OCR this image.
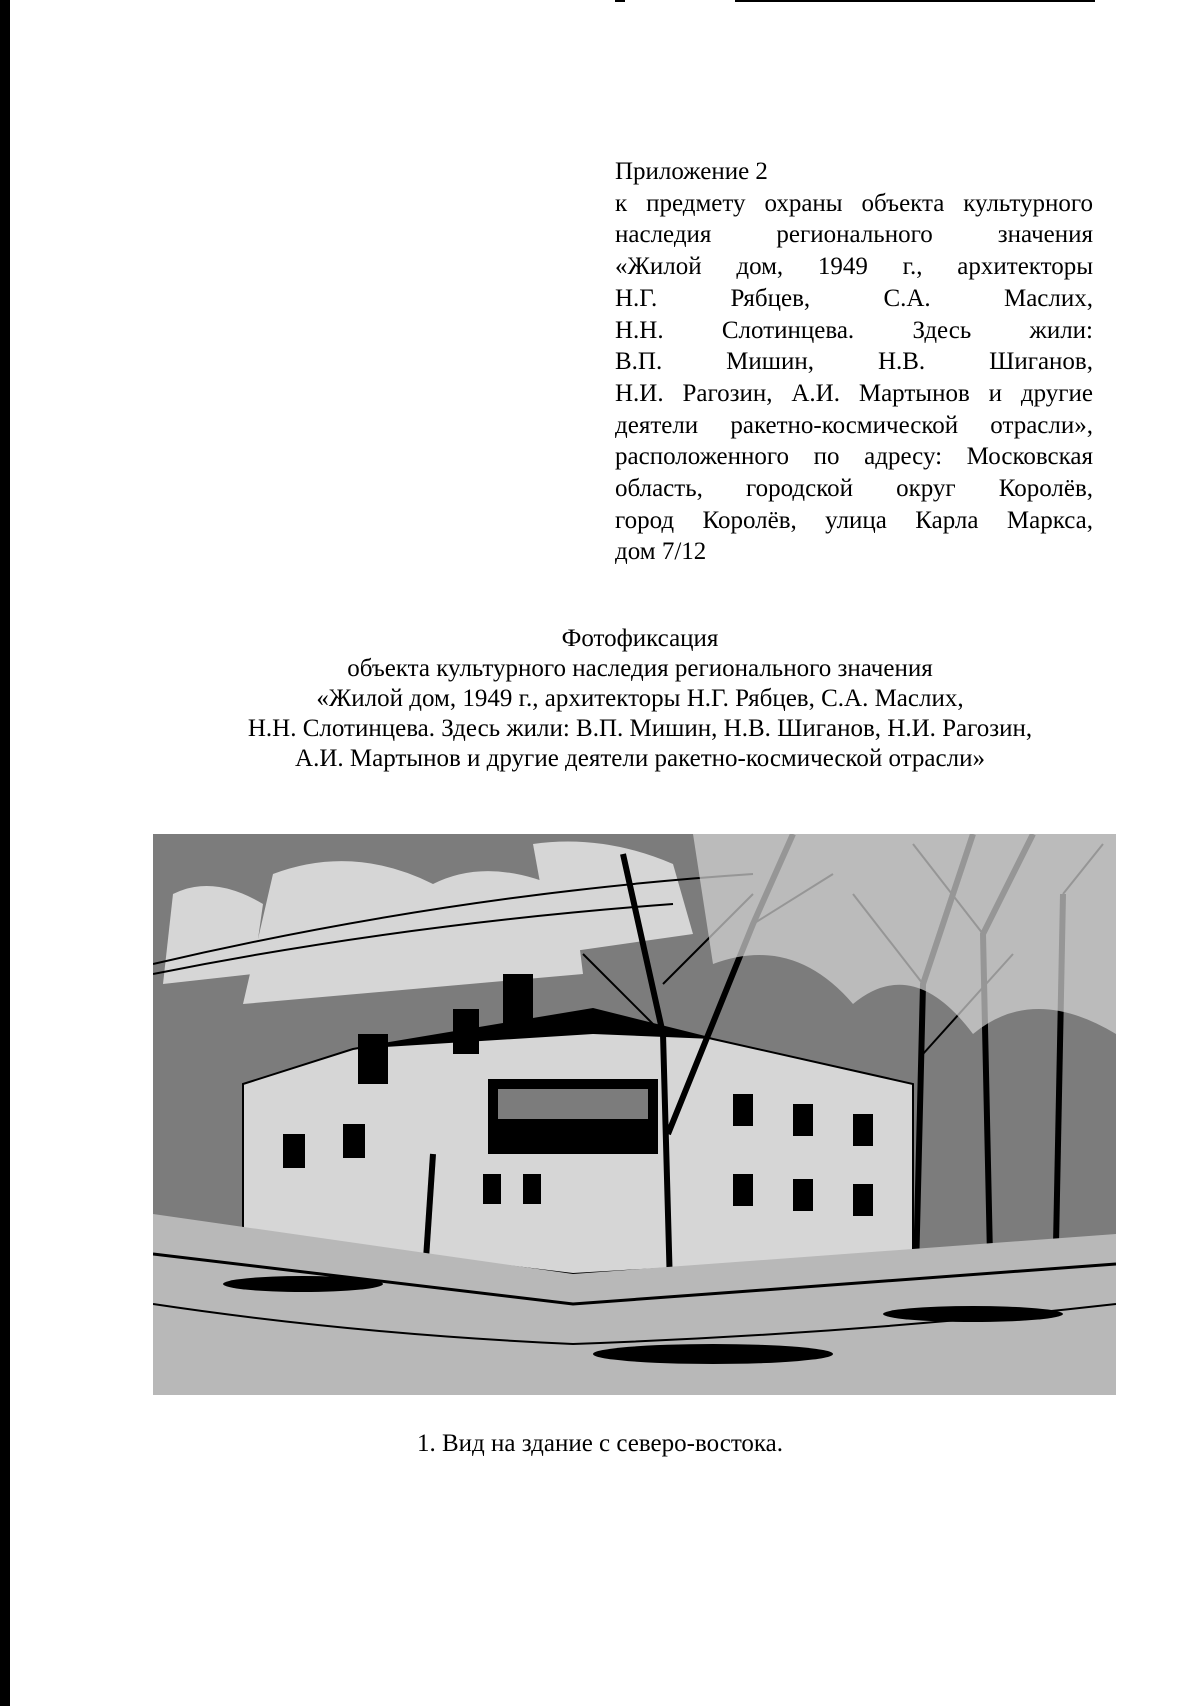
Приложение 2
к предмету охраны объекта культурного
наследия регионального значения
«Жилой дом, 1949 г., архитекторы
Н.Г. Рябцев, С.А. Маслих,
Н.Н. Слотинцева. Здесь жили:
В.П. Мишин, Н.В. Шиганов,
Н.И. Рагозин, А.И. Мартынов и другие
деятели ракетно-космической отрасли»,
расположенного по адресу: Московская
область, городской округ Королёв,
город Королёв, улица Карла Маркса,
дом 7/12
Фотофиксация
объекта культурного наследия регионального значения
«Жилой дом, 1949 г., архитекторы Н.Г. Рябцев, С.А. Маслих,
Н.Н. Слотинцева. Здесь жили: В.П. Мишин, Н.В. Шиганов, Н.И. Рагозин,
А.И. Мартынов и другие деятели ракетно-космической отрасли»
1. Вид на здание с северо-востока.
